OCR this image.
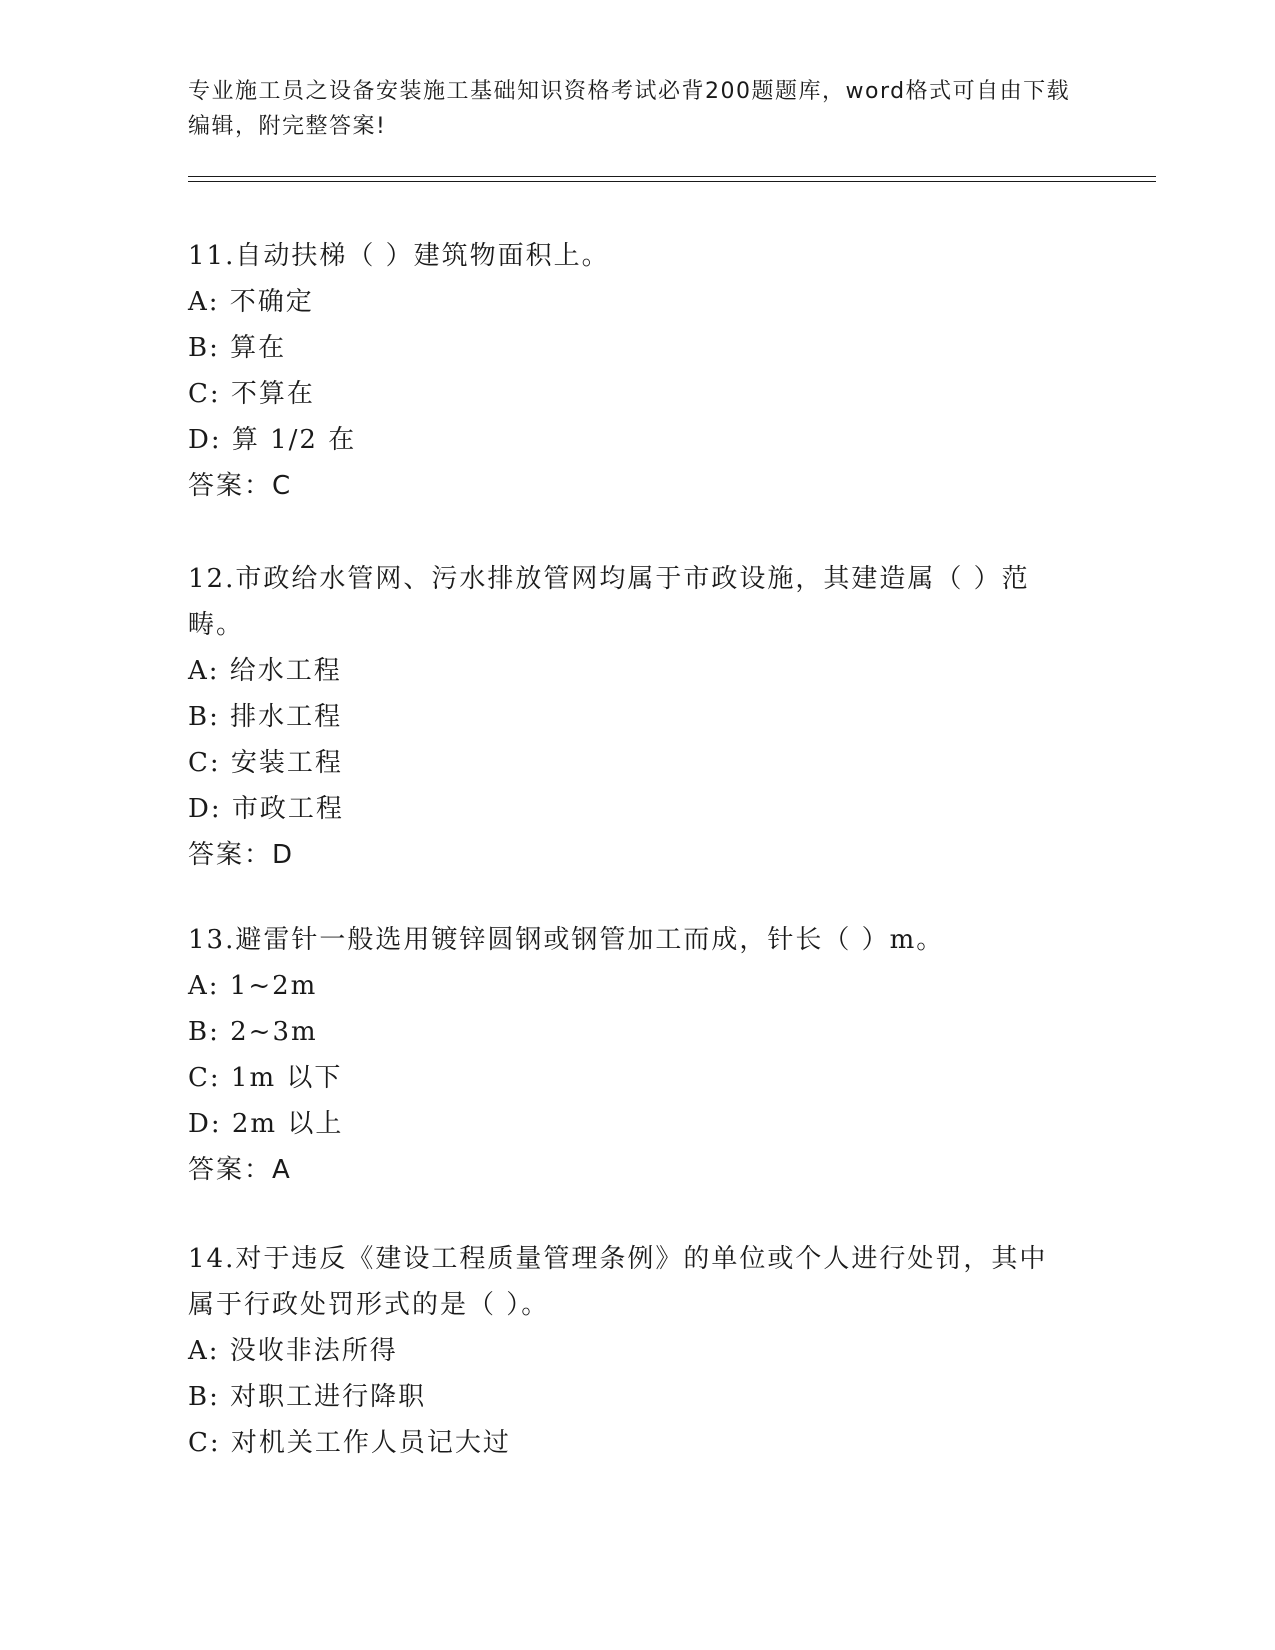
专业施工员之设备安装施工基础知识资格考试必背200题题库，word格式可自由下载编辑，附完整答案!
11.自动扶梯（ ）建筑物面积上。
A: 不确定
B: 算在
C: 不算在
D: 算 1/2 在
答案：C
12.市政给水管网、污水排放管网均属于市政设施，其建造属（ ）范畴。
A: 给水工程
B: 排水工程
C: 安装工程
D: 市政工程
答案：D
13.避雷针一般选用镀锌圆钢或钢管加工而成，针长（ ）m。
A: 1~2m
B: 2~3m
C: 1m 以下
D: 2m 以上
答案：A
14.对于违反《建设工程质量管理条例》的单位或个人进行处罚，其中属于行政处罚形式的是（ ）。
A: 没收非法所得
B: 对职工进行降职
C: 对机关工作人员记大过
